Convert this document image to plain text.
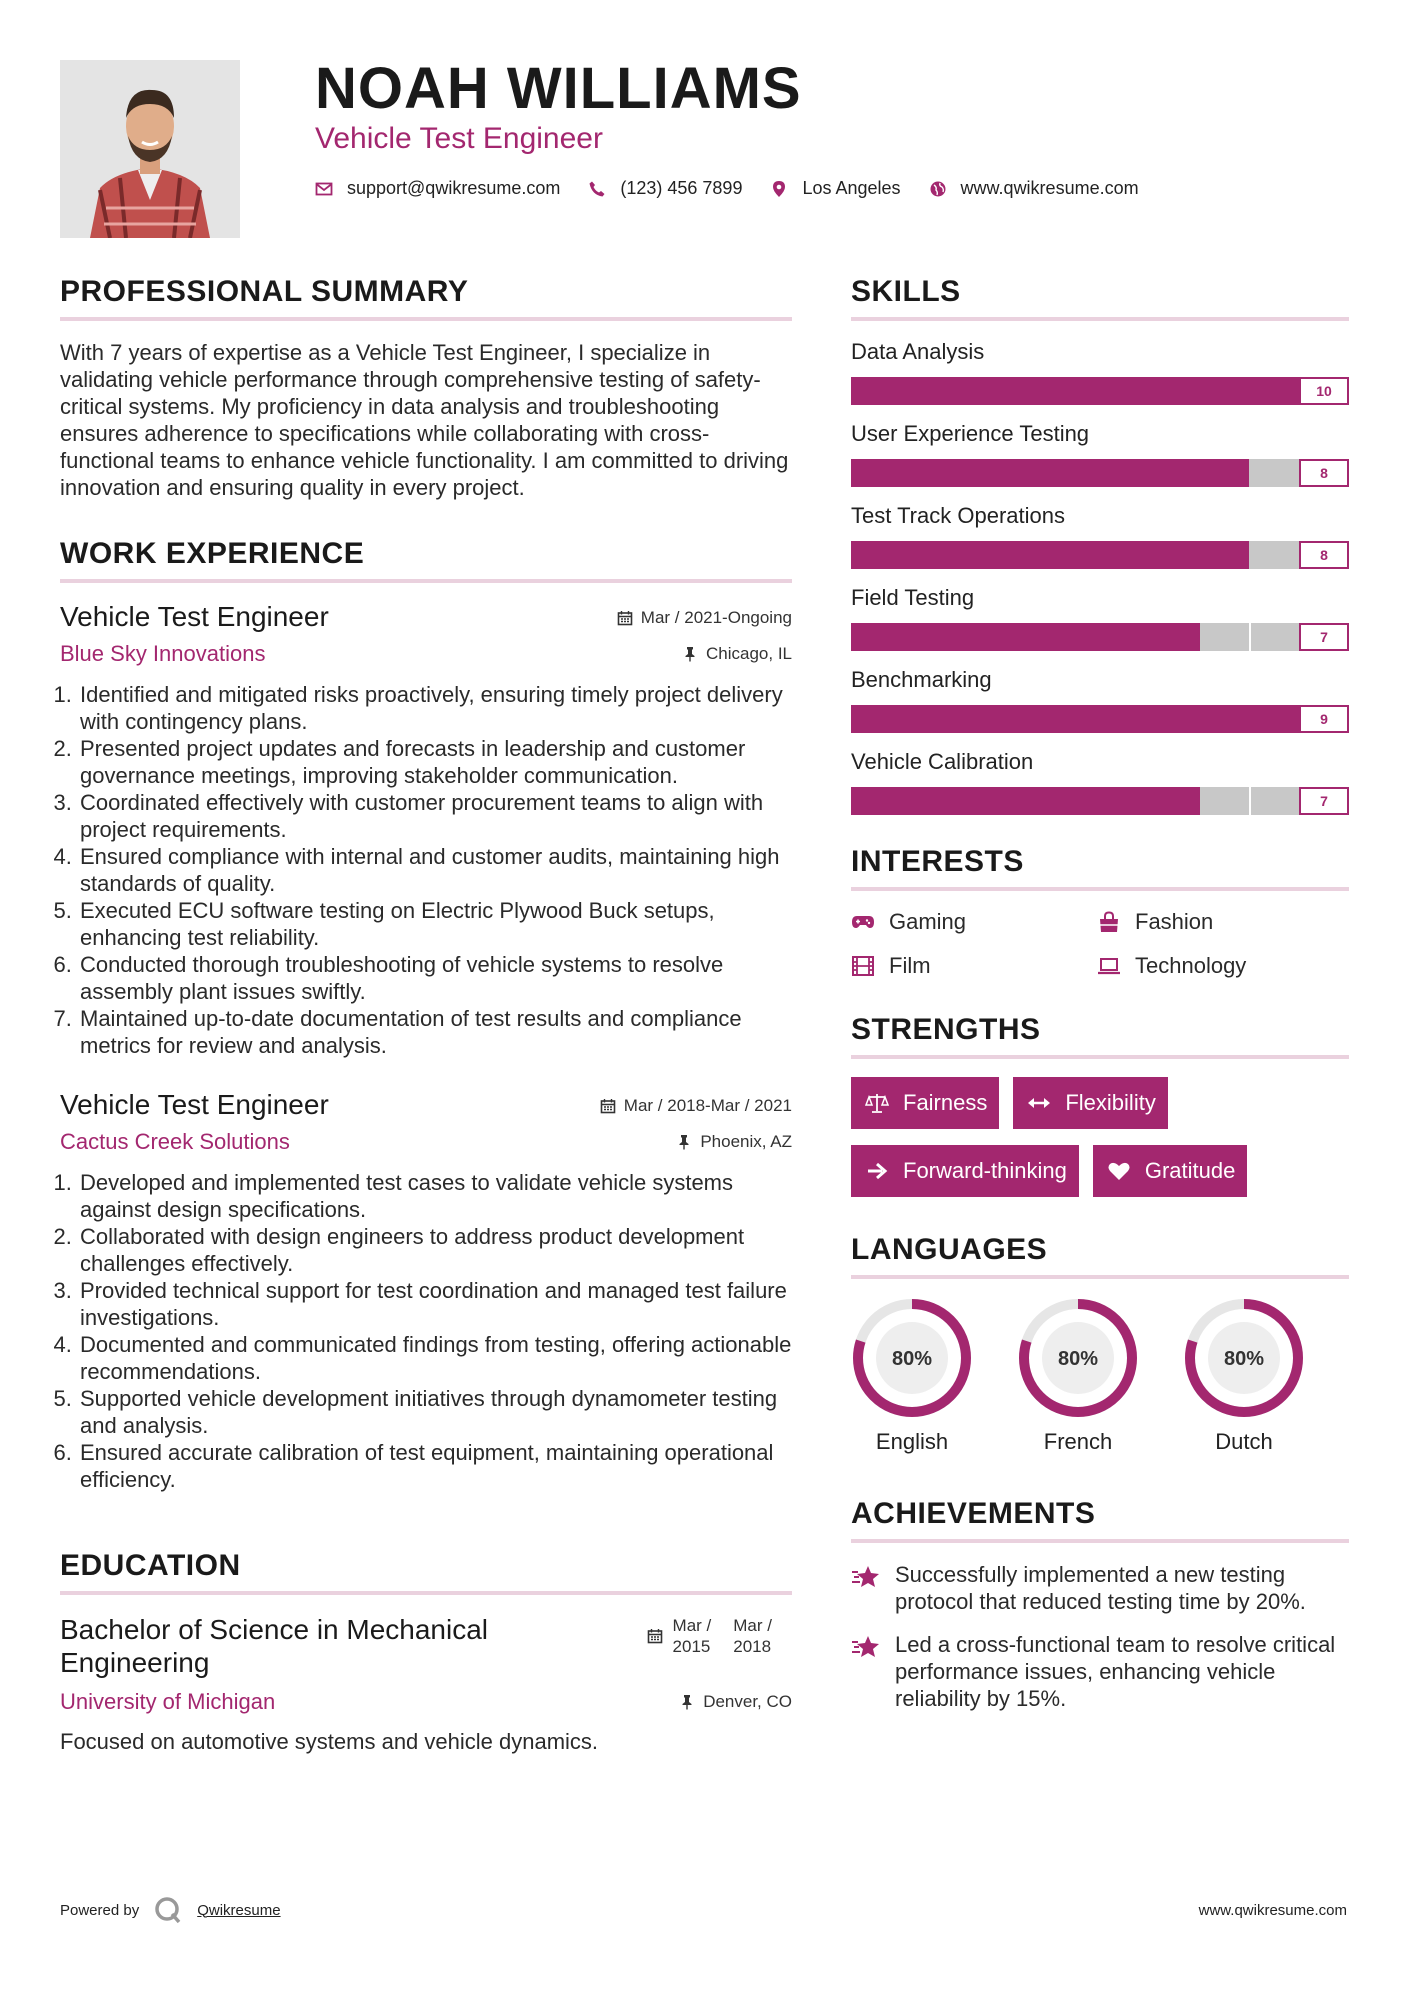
NOAH WILLIAMS
Vehicle Test Engineer
support@qwikresume.com	(123) 456 7899	Los Angeles	www.qwikresume.com
PROFESSIONAL SUMMARY

With 7 years of expertise as a Vehicle Test Engineer, I specialize in validating vehicle performance through comprehensive testing of safety-critical systems. My proficiency in data analysis and troubleshooting ensures adherence to specifications while collaborating with cross-functional teams to enhance vehicle functionality. I am committed to driving innovation and ensuring quality in every project.

WORK EXPERIENCE
Vehicle Test Engineer	Mar / 2021-Ongoing
Blue Sky Innovations	Chicago, IL
1. Identified and mitigated risks proactively, ensuring timely project delivery with contingency plans.
2. Presented project updates and forecasts in leadership and customer governance meetings, improving stakeholder communication.
3. Coordinated effectively with customer procurement teams to align with project requirements.
4. Ensured compliance with internal and customer audits, maintaining high standards of quality.
5. Executed ECU software testing on Electric Plywood Buck setups, enhancing test reliability.
6. Conducted thorough troubleshooting of vehicle systems to resolve assembly plant issues swiftly.
7. Maintained up-to-date documentation of test results and compliance metrics for review and analysis.
Vehicle Test Engineer	Mar / 2018-Mar / 2021
Cactus Creek Solutions	Phoenix, AZ
1. Developed and implemented test cases to validate vehicle systems against design specifications.
2. Collaborated with design engineers to address product development challenges effectively.
3. Provided technical support for test coordination and managed test failure investigations.
4. Documented and communicated findings from testing, offering actionable recommendations.
5. Supported vehicle development initiatives through dynamometer testing and analysis.
6. Ensured accurate calibration of test equipment, maintaining operational efficiency.
EDUCATION
Bachelor of Science in Mechanical Engineering
Mar /
2015
Mar /
2018
University of Michigan	Denver, CO
Focused on automotive systems and vehicle dynamics.
SKILLS
Data Analysis
10
User Experience Testing
8
Test Track Operations
8
Field Testing
7
Benchmarking
9
Vehicle Calibration
7
INTERESTS
Gaming	Fashion
Film	Technology
STRENGTHS
Fairness	Flexibility
Forward-thinking	Gratitude
LANGUAGES
80%
English
80%
French
80%
Dutch
ACHIEVEMENTS
Successfully implemented a new testing protocol that reduced testing time by 20%.
Led a cross-functional team to resolve critical performance issues, enhancing vehicle reliability by 15%.
Powered by	Qwikresume	www.qwikresume.com
